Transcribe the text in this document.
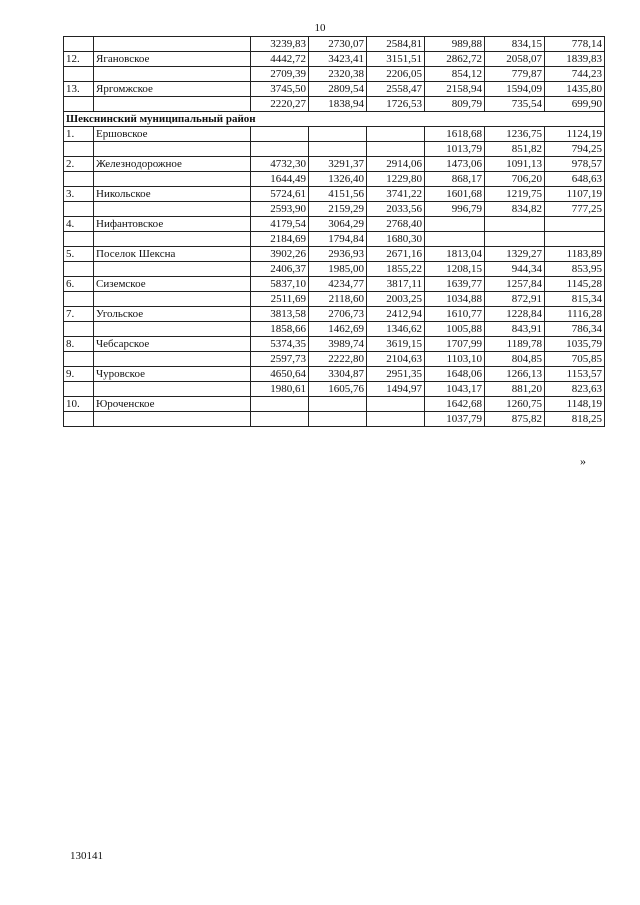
10
		3239,83	2730,07	2584,81	989,88	834,15	778,14
12.	Ягановское	4442,72	3423,41	3151,51	2862,72	2058,07	1839,83
		2709,39	2320,38	2206,05	854,12	779,87	744,23
13.	Яргомжское	3745,50	2809,54	2558,47	2158,94	1594,09	1435,80
		2220,27	1838,94	1726,53	809,79	735,54	699,90
Шекснинский муниципальный район							
1.	Ершовское				1618,68	1236,75	1124,19
					1013,79	851,82	794,25
2.	Железнодорожное	4732,30	3291,37	2914,06	1473,06	1091,13	978,57
		1644,49	1326,40	1229,80	868,17	706,20	648,63
3.	Никольское	5724,61	4151,56	3741,22	1601,68	1219,75	1107,19
		2593,90	2159,29	2033,56	996,79	834,82	777,25
4.	Нифантовское	4179,54	3064,29	2768,40			
		2184,69	1794,84	1680,30			
5.	Поселок Шексна	3902,26	2936,93	2671,16	1813,04	1329,27	1183,89
		2406,37	1985,00	1855,22	1208,15	944,34	853,95
6.	Сиземское	5837,10	4234,77	3817,11	1639,77	1257,84	1145,28
		2511,69	2118,60	2003,25	1034,88	872,91	815,34
7.	Угольское	3813,58	2706,73	2412,94	1610,77	1228,84	1116,28
		1858,66	1462,69	1346,62	1005,88	843,91	786,34
8.	Чебсарское	5374,35	3989,74	3619,15	1707,99	1189,78	1035,79
		2597,73	2222,80	2104,63	1103,10	804,85	705,85
9.	Чуровское	4650,64	3304,87	2951,35	1648,06	1266,13	1153,57
		1980,61	1605,76	1494,97	1043,17	881,20	823,63
10.	Юроченское				1642,68	1260,75	1148,19
					1037,79	875,82	818,25
»
130141
